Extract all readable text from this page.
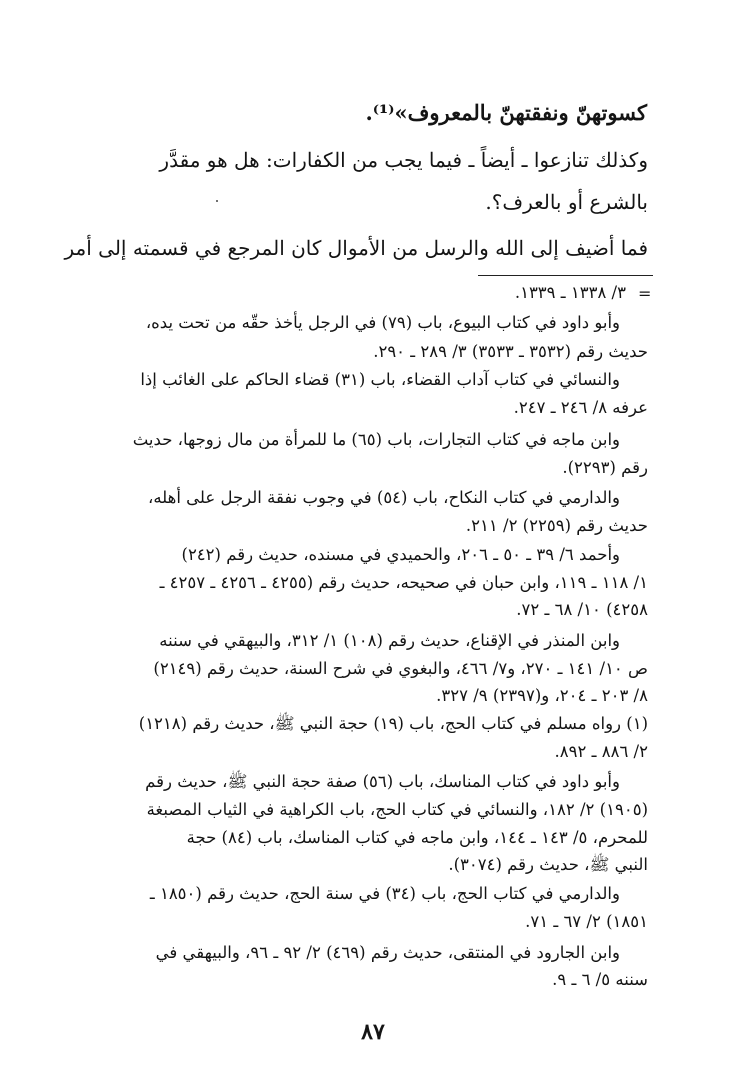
كسوتهنّ ونفقتهنّ بالمعروف»⁽¹⁾.
وكذلك تنازعوا ـ أيضاً ـ فيما يجب من الكفارات: هل هو مقدَّر
بالشرع أو بالعرف؟.
فما أضيف إلى الله والرسل من الأموال كان المرجع في قسمته إلى أمر
=
٣/ ١٣٣٨ ـ ١٣٣٩.
وأبو داود في كتاب البيوع، باب (٧٩) في الرجل يأخذ حقّه من تحت يده،
حديث رقم (٣٥٣٢ ـ ٣٥٣٣) ٣/ ٢٨٩ ـ ٢٩٠.
والنسائي في كتاب آداب القضاء، باب (٣١) قضاء الحاكم على الغائب إذا
عرفه ٨/ ٢٤٦ ـ ٢٤٧.
وابن ماجه في كتاب التجارات، باب (٦٥) ما للمرأة من مال زوجها، حديث
رقم (٢٢٩٣).
والدارمي في كتاب النكاح، باب (٥٤) في وجوب نفقة الرجل على أهله،
حديث رقم (٢٢٥٩) ٢/ ٢١١.
وأحمد ٦/ ٣٩ ـ ٥٠ ـ ٢٠٦، والحميدي في مسنده، حديث رقم (٢٤٢)
١/ ١١٨ ـ ١١٩، وابن حبان في صحيحه، حديث رقم (٤٢٥٥ ـ ٤٢٥٦ ـ ٤٢٥٧ ـ
٤٢٥٨) ١٠/ ٦٨ ـ ٧٢.
وابن المنذر في الإقناع، حديث رقم (١٠٨) ١/ ٣١٢، والبيهقي في سننه
ص ١٠/ ١٤١ ـ ٢٧٠، و٧/ ٤٦٦، والبغوي في شرح السنة، حديث رقم (٢١٤٩)
٨/ ٢٠٣ ـ ٢٠٤، و(٢٣٩٧) ٩/ ٣٢٧.
(١) رواه مسلم في كتاب الحج، باب (١٩) حجة النبي ﷺ، حديث رقم (١٢١٨)
٢/ ٨٨٦ ـ ٨٩٢.
وأبو داود في كتاب المناسك، باب (٥٦) صفة حجة النبي ﷺ، حديث رقم
(١٩٠٥) ٢/ ١٨٢، والنسائي في كتاب الحج، باب الكراهية في الثياب المصبغة
للمحرم، ٥/ ١٤٣ ـ ١٤٤، وابن ماجه في كتاب المناسك، باب (٨٤) حجة
النبي ﷺ، حديث رقم (٣٠٧٤).
والدارمي في كتاب الحج، باب (٣٤) في سنة الحج، حديث رقم (١٨٥٠ ـ
١٨٥١) ٢/ ٦٧ ـ ٧١.
وابن الجارود في المنتقى، حديث رقم (٤٦٩) ٢/ ٩٢ ـ ٩٦، والبيهقي في
سننه ٥/ ٦ ـ ٩.
٨٧
